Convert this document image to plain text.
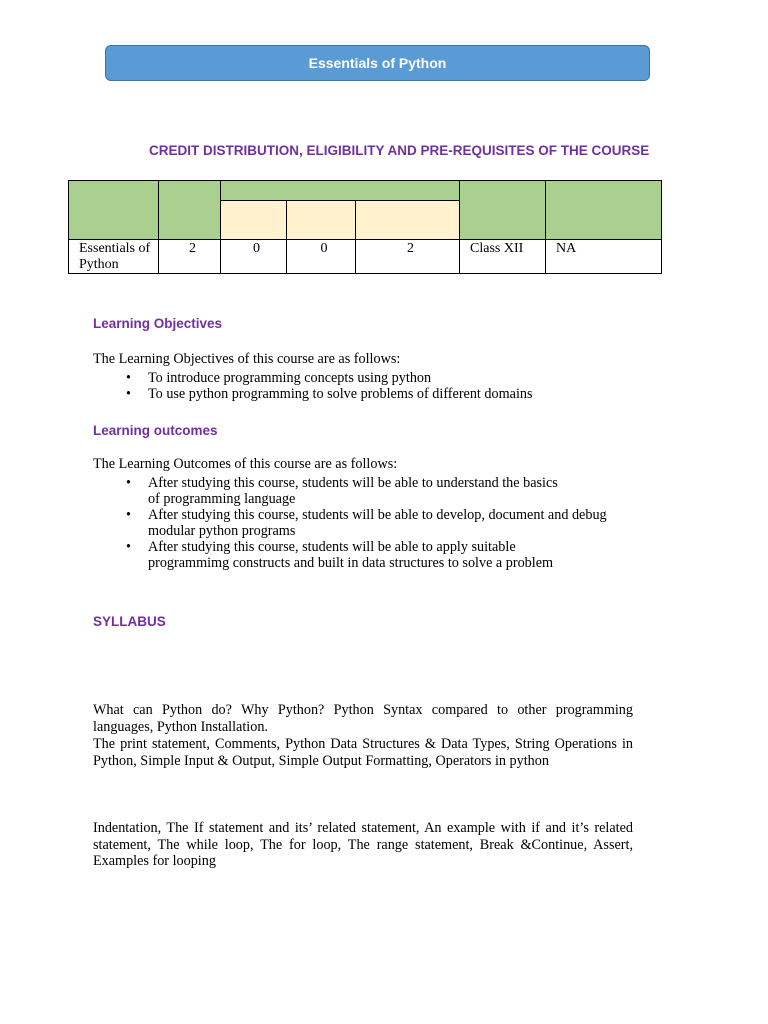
Essentials of Python
CREDIT DISTRIBUTION, ELIGIBILITY AND PRE-REQUISITES OF THE COURSE

Essentials of Python	2	0	0	2	Class XII	NA
Learning Objectives
The Learning Objectives of this course are as follows:
• To introduce programming concepts using python
• To use python programming to solve problems of different domains
Learning outcomes
The Learning Outcomes of this course are as follows:
• After studying this course, students will be able to understand the basics of programming language
• After studying this course, students will be able to develop, document and debug modular python programs
• After studying this course, students will be able to apply suitable programmimg constructs and built in data structures to solve a problem
SYLLABUS
What can Python do? Why Python? Python Syntax compared to other programming languages, Python Installation.
The print statement, Comments, Python Data Structures & Data Types, String Operations in Python, Simple Input & Output, Simple Output Formatting, Operators in python
Indentation, The If statement and its’ related statement, An example with if and it’s related statement, The while loop, The for loop, The range statement, Break &Continue, Assert, Examples for looping
